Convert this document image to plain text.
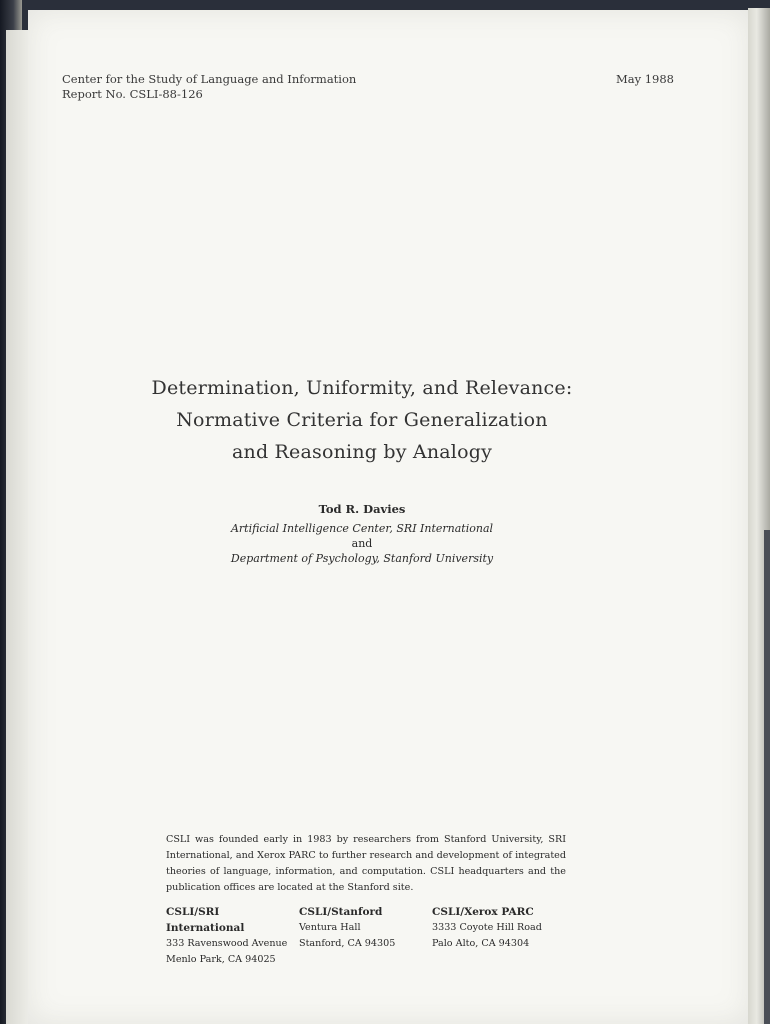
Center for the Study of Language and Information
Report No. CSLI-88-126
May 1988
Determination, Uniformity, and Relevance:
Normative Criteria for Generalization
and Reasoning by Analogy
Tod R. Davies
Artificial Intelligence Center, SRI International
and
Department of Psychology, Stanford University
CSLI was founded early in 1983 by researchers from Stanford University, SRI International, and Xerox PARC to further research and development of integrated theories of language, information, and computation. CSLI headquarters and the publication offices are located at the Stanford site.
CSLI/SRI International
333 Ravenswood Avenue
Menlo Park, CA 94025
CSLI/Stanford
Ventura Hall
Stanford, CA 94305
CSLI/Xerox PARC
3333 Coyote Hill Road
Palo Alto, CA 94304
